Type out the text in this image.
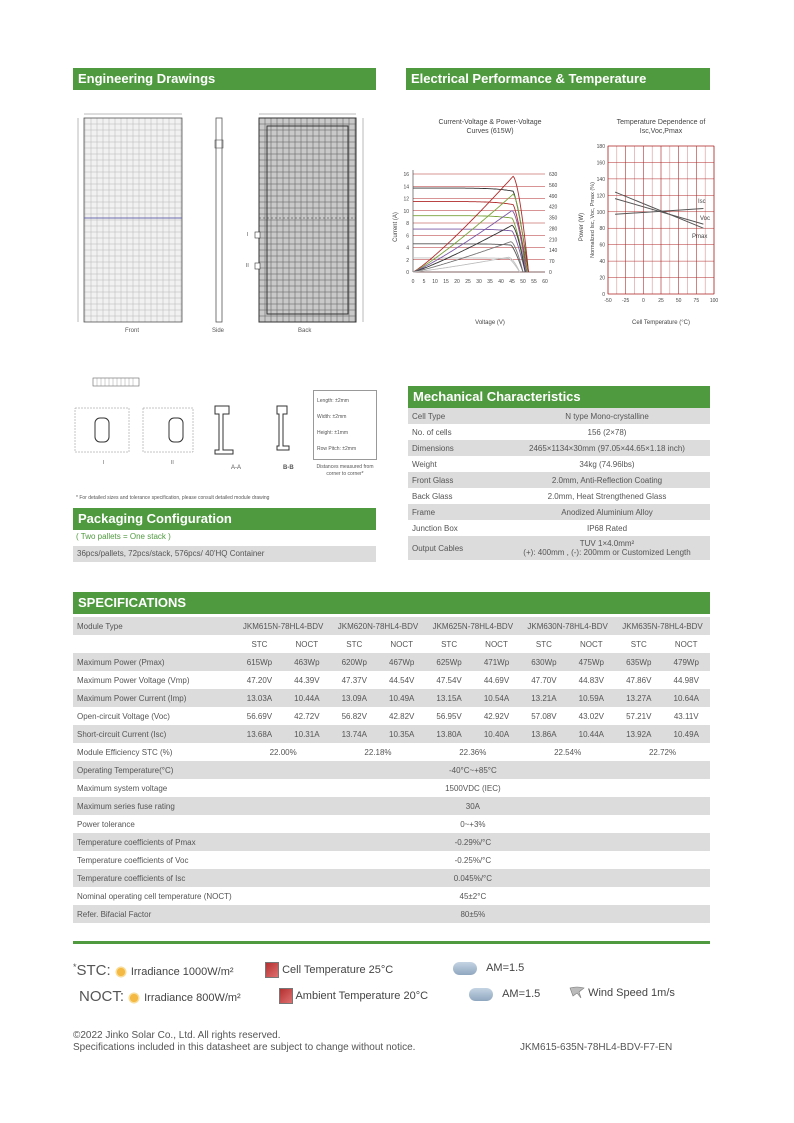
Engineering Drawings	Electrical Performance & Temperature Dependence
Front	Side	Back
I
II
I	II
A-A	B-B
Length: ±2mm
Width: ±2mm
Height: ±1mm
Row Pitch: ±2mm
Distances measured from corner to corner*
* For detailed sizes and tolerance specification, please consult detailed module drawing
Packaging Configuration
( Two pallets = One stack )
36pcs/pallets, 72pcs/stack, 576pcs/ 40'HQ Container
Current-Voltage & Power-Voltage
Curves (615W)
Current (A)	Power (W)
Voltage (V)
0
2
4
6
8
10
12
14
16
0
70
140
210
280
350
420
490
560
630
0 5 10 15 20 25 30 35 40 45 50 55 60
Temperature Dependence of
Isc,Voc,Pmax
Normalized Isc, Voc, Pmax (%)
Cell Temperature (°C)
0
20
40
60
80
100
120
140
160
180
-50 -25	0	25 50 75 100
Isc
Voc
Pmax
Mechanical Characteristics
Cell Type	N type Mono-crystalline
No. of cells	156 (2×78)
Dimensions	2465×1134×30mm (97.05×44.65×1.18 inch)
Weight	34kg (74.96lbs)
Front Glass	2.0mm, Anti-Reflection Coating
Back Glass	2.0mm, Heat Strengthened Glass
Frame	Anodized Aluminium Alloy
Junction Box	IP68 Rated
Output Cables	TUV 1×4.0mm²
(+): 400mm , (-): 200mm or Customized Length
SPECIFICATIONS
Module Type	JKM615N-78HL4-BDV		JKM620N-78HL4-BDV		JKM625N-78HL4-BDV		JKM630N-78HL4-BDV		JKM635N-78HL4-BDV	
	STC	NOCT	STC	NOCT	STC	NOCT	STC	NOCT	STC	NOCT
Maximum Power (Pmax)	615Wp	463Wp	620Wp	467Wp	625Wp	471Wp	630Wp	475Wp	635Wp	479Wp
Maximum Power Voltage (Vmp)	47.20V	44.39V	47.37V	44.54V	47.54V	44.69V	47.70V	44.83V	47.86V	44.98V
Maximum Power Current (Imp)	13.03A	10.44A	13.09A	10.49A	13.15A	10.54A	13.21A	10.59A	13.27A	10.64A
Open-circuit Voltage (Voc)	56.69V	42.72V	56.82V	42.82V	56.95V	42.92V	57.08V	43.02V	57.21V	43.11V
Short-circuit Current (Isc)	13.68A	10.31A	13.74A	10.35A	13.80A	10.40A	13.86A	10.44A	13.92A	10.49A
Module Efficiency STC (%)	22.00%		22.18%		22.36%		22.54%		22.72%	
Operating Temperature(°C)	-40°C~+85°C									
Maximum system voltage	1500VDC (IEC)									
Maximum series fuse rating	30A									
Power tolerance	0~+3%									
Temperature coefficients of Pmax	-0.29%/°C									
Temperature coefficients of Voc	-0.25%/°C									
Temperature coefficients of Isc	0.045%/°C									
Nominal operating cell temperature (NOCT)	45±2°C									
Refer. Bifacial Factor	80±5%									
*STC: Irradiance 1000W/m²	Cell Temperature 25°C	AM=1.5
NOCT: Irradiance 800W/m²	Ambient Temperature 20°C	AM=1.5	Wind Speed 1m/s
©2022 Jinko Solar Co., Ltd. All rights reserved.
Specifications included in this datasheet are subject to change without notice.	JKM615-635N-78HL4-BDV-F7-EN
